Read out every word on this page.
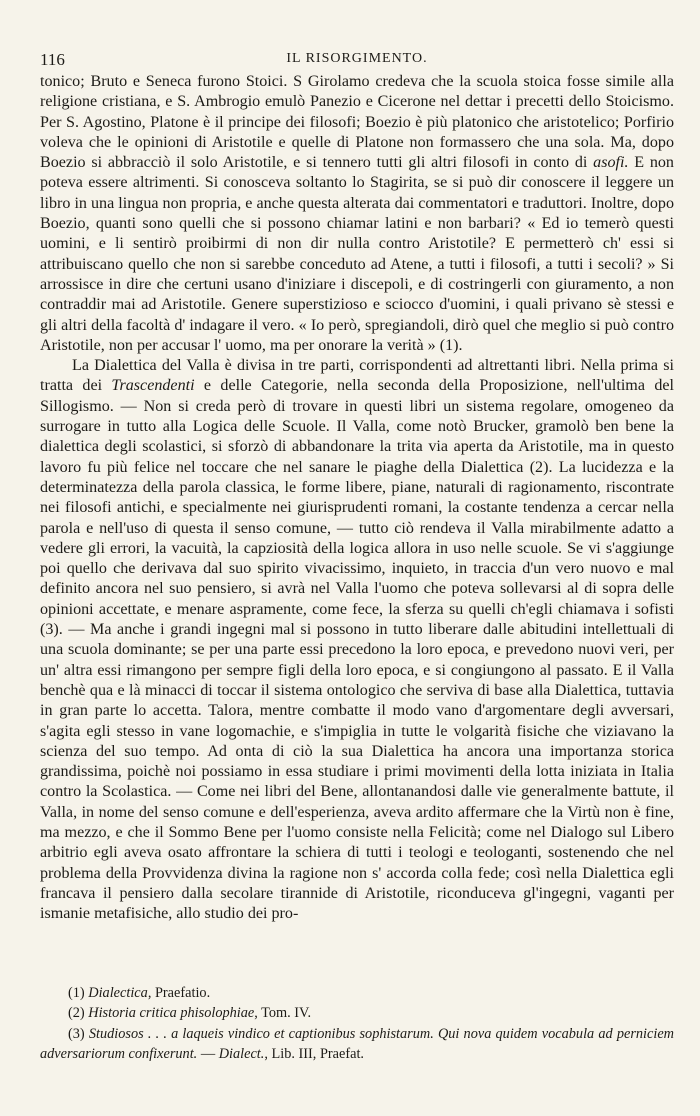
116	IL RISORGIMENTO.

tonico; Bruto e Seneca furono Stoici. S Girolamo credeva che la scuola stoica fosse simile alla religione cristiana, e S. Ambrogio emulò Panezio e Cicerone nel dettar i precetti dello Stoicismo. Per S. Agostino, Platone è il principe dei filosofi; Boezio è più platonico che aristotelico; Porfirio voleva che le opinioni di Aristotile e quelle di Platone non formassero che una sola. Ma, dopo Boezio si abbracciò il solo Aristotile, e si tennero tutti gli altri filosofi in conto di asofi. E non poteva essere altrimenti. Si conosceva soltanto lo Stagirita, se si può dir conoscere il leggere un libro in una lingua non propria, e anche questa alterata dai commentatori e traduttori. Inoltre, dopo Boezio, quanti sono quelli che si possono chiamar latini e non barbari? « Ed io temerò questi uomini, e li sentirò proibirmi di non dir nulla contro Aristotile? E permetterò ch' essi si attribuiscano quello che non si sarebbe conceduto ad Atene, a tutti i filosofi, a tutti i secoli? » Si arrossisce in dire che certuni usano d'iniziare i discepoli, e di costringerli con giuramento, a non contraddir mai ad Aristotile. Genere superstizioso e sciocco d'uomini, i quali privano sè stessi e gli altri della facoltà d' indagare il vero. « Io però, spregiandoli, dirò quel che meglio si può contro Aristotile, non per accusar l' uomo, ma per onorare la verità » (1).

La Dialettica del Valla è divisa in tre parti, corrispondenti ad altrettanti libri. Nella prima si tratta dei Trascendenti e delle Categorie, nella seconda della Proposizione, nell'ultima del Sillogismo. — Non si creda però di trovare in questi libri un sistema regolare, omogeneo da surrogare in tutto alla Logica delle Scuole. Il Valla, come notò Brucker, gramolò ben bene la dialettica degli scolastici, si sforzò di abbandonare la trita via aperta da Aristotile, ma in questo lavoro fu più felice nel toccare che nel sanare le piaghe della Dialettica (2). La lucidezza e la determinatezza della parola classica, le forme libere, piane, naturali di ragionamento, riscontrate nei filosofi antichi, e specialmente nei giurisprudenti romani, la costante tendenza a cercar nella parola e nell'uso di questa il senso comune, — tutto ciò rendeva il Valla mirabilmente adatto a vedere gli errori, la vacuità, la capziosità della logica allora in uso nelle scuole. Se vi s'aggiunge poi quello che derivava dal suo spirito vivacissimo, inquieto, in traccia d'un vero nuovo e mal definito ancora nel suo pensiero, si avrà nel Valla l'uomo che poteva sollevarsi al di sopra delle opinioni accettate, e menare aspramente, come fece, la sferza su quelli ch'egli chiamava i sofisti (3). — Ma anche i grandi ingegni mal si possono in tutto liberare dalle abitudini intellettuali di una scuola dominante; se per una parte essi precedono la loro epoca, e prevedono nuovi veri, per un' altra essi rimangono per sempre figli della loro epoca, e si congiungono al passato. E il Valla benchè qua e là minacci di toccar il sistema ontologico che serviva di base alla Dialettica, tuttavia in gran parte lo accetta. Talora, mentre combatte il modo vano d'argomentare degli avversari, s'agita egli stesso in vane logomachie, e s'impiglia in tutte le volgarità fisiche che viziavano la scienza del suo tempo. Ad onta di ciò la sua Dialettica ha ancora una importanza storica grandissima, poichè noi possiamo in essa studiare i primi movimenti della lotta iniziata in Italia contro la Scolastica. — Come nei libri del Bene, allontanandosi dalle vie generalmente battute, il Valla, in nome del senso comune e dell'esperienza, aveva ardito affermare che la Virtù non è fine, ma mezzo, e che il Sommo Bene per l'uomo consiste nella Felicità; come nel Dialogo sul Libero arbitrio egli aveva osato affrontare la schiera di tutti i teologi e teologanti, sostenendo che nel problema della Provvidenza divina la ragione non s' accorda colla fede; così nella Dialettica egli francava il pensiero dalla secolare tirannide di Aristotile, riconduceva gl'ingegni, vaganti per ismanie metafisiche, allo studio dei pro-

(1) Dialectica, Praefatio.

(2) Historia critica phisolophiae, Tom. IV.

(3) Studiosos . . . a laqueis vindico et captionibus sophistarum. Qui nova quidem vocabula ad perniciem adversariorum confixerunt. — Dialect., Lib. III, Praefat.
